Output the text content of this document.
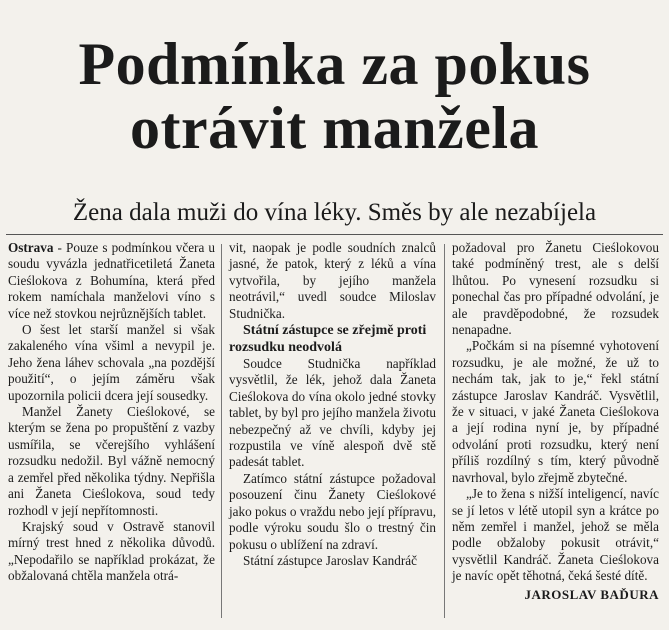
Podmínka za pokus
otrávit manžela
Žena dala muži do vína léky. Směs by ale nezabíjela

Ostrava - Pouze s podmínkou včera u soudu vyvázla jednatřicetiletá Žaneta Cieślokova z Bohumína, která před rokem namíchala manželovi víno s více než stovkou nejrůznějších tablet.

O šest let starší manžel si však zakaleného vína všiml a nevypil je. Jeho žena láhev schovala „na pozdější použití“, o jejím záměru však upozornila policii dcera její sousedky.

Manžel Žanety Cieślokové, se kterým se žena po propuštění z vazby usmířila, se včerejšího vyhlášení rozsudku nedožil. Byl vážně nemocný a zemřel před několika týdny. Nepřišla ani Žaneta Cieślokova, soud tedy rozhodl v její nepřítomnosti.

Krajský soud v Ostravě stanovil mírný trest hned z několika důvodů. „Nepodařilo se například prokázat, že obžalovaná chtěla manžela otrá-

vit, naopak je podle soudních znalců jasné, že patok, který z léků a vína vytvořila, by jejího manžela neotrávil,“ uvedl soudce Miloslav Studnička.

Státní zástupce se zřejmě proti rozsudku neodvolá

Soudce Studnička například vysvětlil, že lék, jehož dala Žaneta Cieślokova do vína okolo jedné stovky tablet, by byl pro jejího manžela životu nebezpečný až ve chvíli, kdyby jej rozpustila ve víně alespoň dvě stě padesát tablet.

Zatímco státní zástupce požadoval posouzení činu Žanety Cieślokové jako pokus o vraždu nebo její přípravu, podle výroku soudu šlo o trestný čin pokusu o ublížení na zdraví.

Státní zástupce Jaroslav Kandráč

požadoval pro Žanetu Cieślokovou také podmíněný trest, ale s delší lhůtou. Po vynesení rozsudku si ponechal čas pro případné odvolání, je ale pravděpodobné, že rozsudek nenapadne.

„Počkám si na písemné vyhotovení rozsudku, je ale možné, že už to nechám tak, jak to je,“ řekl státní zástupce Jaroslav Kandráč. Vysvětlil, že v situaci, v jaké Žaneta Cieślokova a její rodina nyní je, by případné odvolání proti rozsudku, který není příliš rozdílný s tím, který původně navrhoval, bylo zřejmě zbytečné.

„Je to žena s nižší inteligencí, navíc se jí letos v létě utopil syn a krátce po něm zemřel i manžel, jehož se měla podle obžaloby pokusit otrávit,“ vysvětlil Kandráč. Žaneta Cieślokova je navíc opět těhotná, čeká šesté dítě.

JAROSLAV BAĎURA
